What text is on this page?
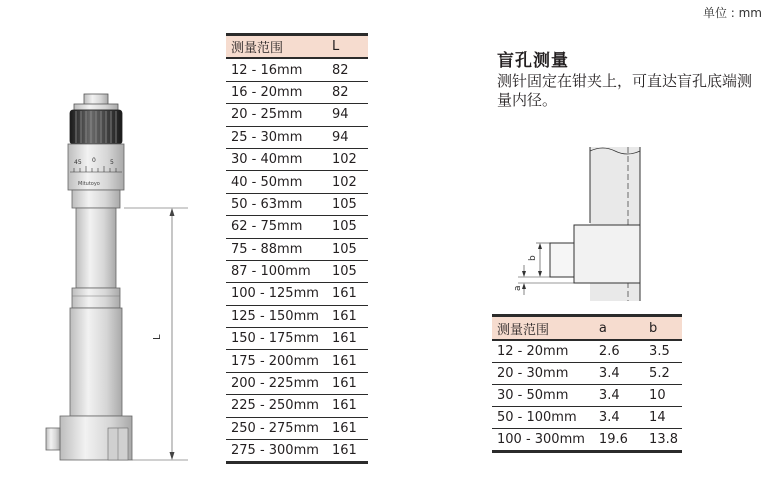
单位 : mm
45 0 5
Mitutoyo
L
测量范围	L
12 - 16mm	82
16 - 20mm	82
20 - 25mm	94
25 - 30mm	94
30 - 40mm	102
40 - 50mm	102
50 - 63mm	105
62 - 75mm	105
75 - 88mm	105
87 - 100mm	105
100 - 125mm	161
125 - 150mm	161
150 - 175mm	161
175 - 200mm	161
200 - 225mm	161
225 - 250mm	161
250 - 275mm	161
275 - 300mm	161
盲孔测量
测针固定在钳夹上，可直达盲孔底端测量内径。
b
a
测量范围	a	b
12 - 20mm	2.6	3.5
20 - 30mm	3.4	5.2
30 - 50mm	3.4	10
50 - 100mm	3.4	14
100 - 300mm	19.6	13.8
